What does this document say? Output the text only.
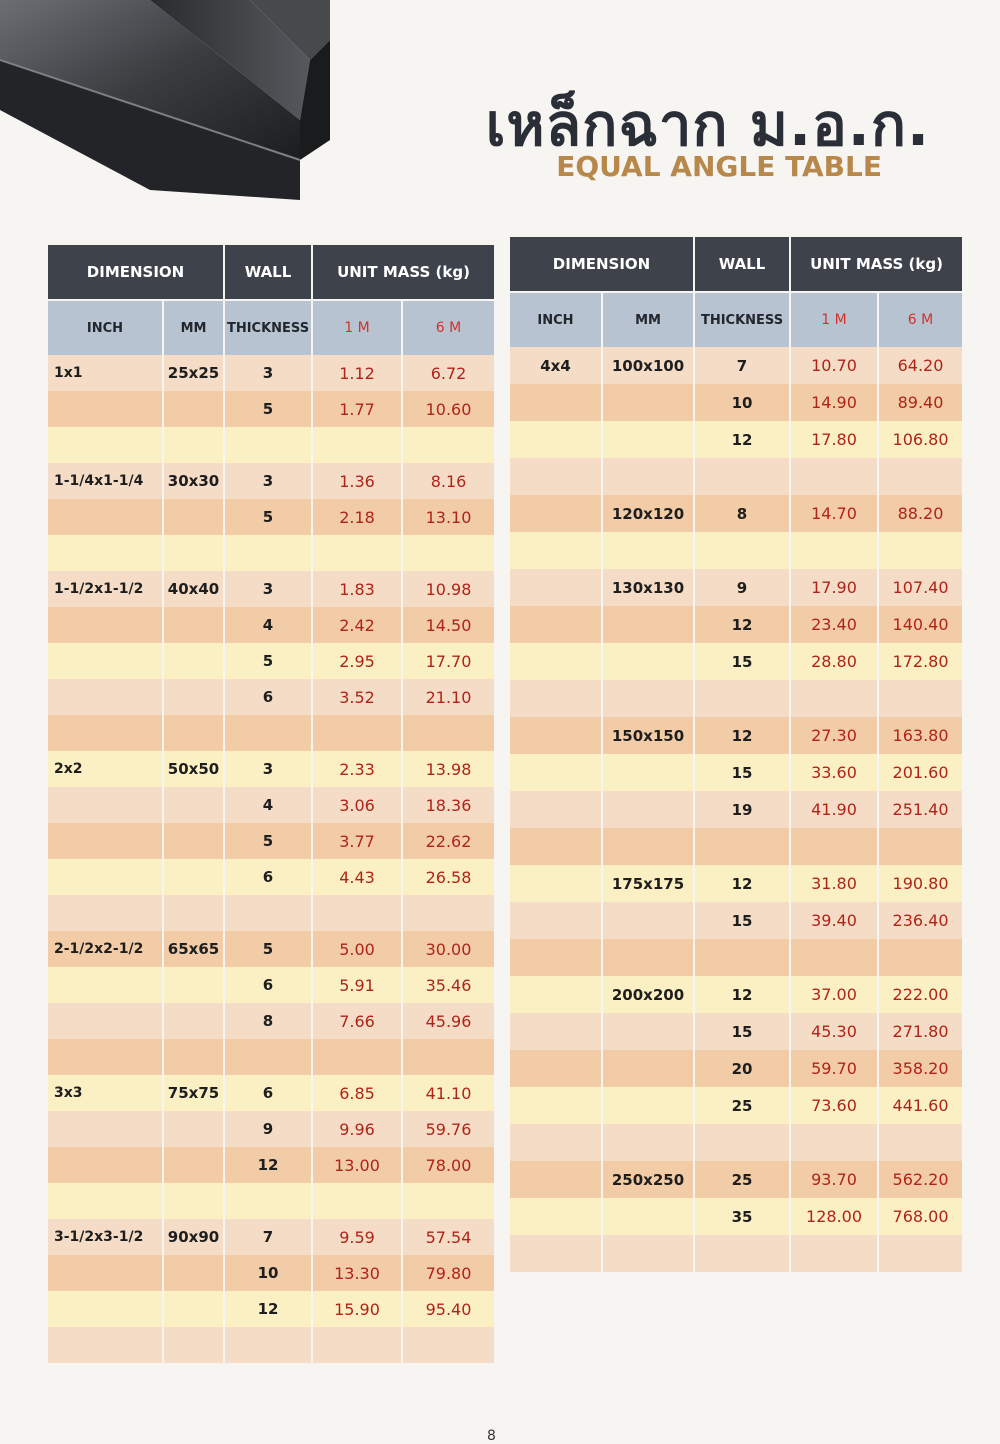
เหล็กฉาก ม.อ.ก.
EQUAL ANGLE TABLE
DIMENSION		WALL	UNIT MASS (kg)	
INCH	MM	THICKNESS	1 M	6 M
1x1	25x25	3	1.12	6.72
		5	1.77	10.60

1-1/4x1-1/4	30x30	3	1.36	8.16
		5	2.18	13.10

1-1/2x1-1/2	40x40	3	1.83	10.98
		4	2.42	14.50
		5	2.95	17.70
		6	3.52	21.10

2x2	50x50	3	2.33	13.98
		4	3.06	18.36
		5	3.77	22.62
		6	4.43	26.58

2-1/2x2-1/2	65x65	5	5.00	30.00
		6	5.91	35.46
		8	7.66	45.96

3x3	75x75	6	6.85	41.10
		9	9.96	59.76
		12	13.00	78.00

3-1/2x3-1/2	90x90	7	9.59	57.54
		10	13.30	79.80
		12	15.90	95.40

DIMENSION		WALL	UNIT MASS (kg)	
INCH	MM	THICKNESS	1 M	6 M
4x4	100x100	7	10.70	64.20
		10	14.90	89.40
		12	17.80	106.80

	120x120	8	14.70	88.20

	130x130	9	17.90	107.40
		12	23.40	140.40
		15	28.80	172.80

	150x150	12	27.30	163.80
		15	33.60	201.60
		19	41.90	251.40

	175x175	12	31.80	190.80
		15	39.40	236.40

	200x200	12	37.00	222.00
		15	45.30	271.80
		20	59.70	358.20
		25	73.60	441.60

	250x250	25	93.70	562.20
		35	128.00	768.00

8
